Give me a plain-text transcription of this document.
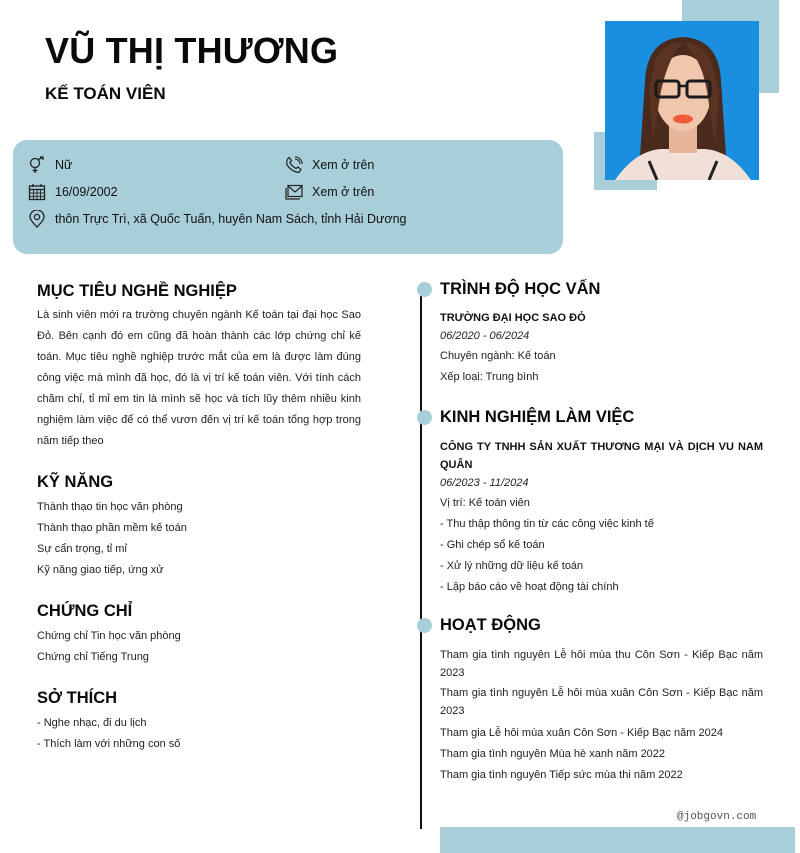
VŨ THỊ THƯƠNG
KẾ TOÁN VIÊN
Nữ
16/09/2002
thôn Trực Trì, xã Quốc Tuấn, huyên Nam Sách, tỉnh Hải Dương
Xem ở trên
Xem ở trên
MỤC TIÊU NGHỀ NGHIỆP
Là sinh viên mới ra trường chuyên ngành Kế toán tại đại học Sao Đỏ. Bên cạnh đó em cũng đã hoàn thành các lớp chứng chỉ kế toán. Mục tiêu nghề nghiệp trước mắt của em là được làm đúng công việc mà mình đã học, đó là vị trí kế toán viên. Với tính cách chăm chỉ, tỉ mỉ em tin là mình sẽ học và tích lũy thêm nhiều kinh nghiệm làm việc để có thể vươn đến vị trí kế toán tổng hợp trong năm tiếp theo
KỸ NĂNG
Thành thạo tin học văn phòng
Thành thạo phần mềm kế toán
Sự cẩn trọng, tỉ mỉ
Kỹ năng giao tiếp, ứng xử
CHỨNG CHỈ
Chứng chỉ Tin học văn phòng
Chứng chỉ Tiếng Trung
SỞ THÍCH
- Nghe nhạc, đi du lịch
- Thích làm với những con số
TRÌNH ĐỘ HỌC VẤN
TRƯỜNG ĐẠI HỌC SAO ĐỎ
06/2020 - 06/2024
Chuyên ngành: Kế toán
Xếp loại: Trung bình
KINH NGHIỆM LÀM VIỆC
CÔNG TY TNHH SẢN XUẤT THƯƠNG MẠI VÀ DỊCH VU NAM QUÂN
06/2023 - 11/2024
Vị trí: Kế toán viên
- Thu thập thông tin từ các công việc kinh tế
- Ghi chép sổ kế toán
- Xử lý những dữ liệu kế toán
- Lập báo cáo về hoạt động tài chính
HOẠT ĐỘNG
Tham gia tình nguyên Lễ hôi mùa thu Côn Sơn - Kiếp Bạc năm 2023
Tham gia tình nguyên Lễ hôi mùa xuân Côn Sơn - Kiếp Bạc năm 2023
Tham gia Lễ hôi mùa xuân Côn Sơn - Kiếp Bạc năm 2024
Tham gia tình nguyên Mùa hè xanh năm 2022
Tham gia tình nguyên Tiếp sức mùa thi năm 2022
@jobgovn.com
